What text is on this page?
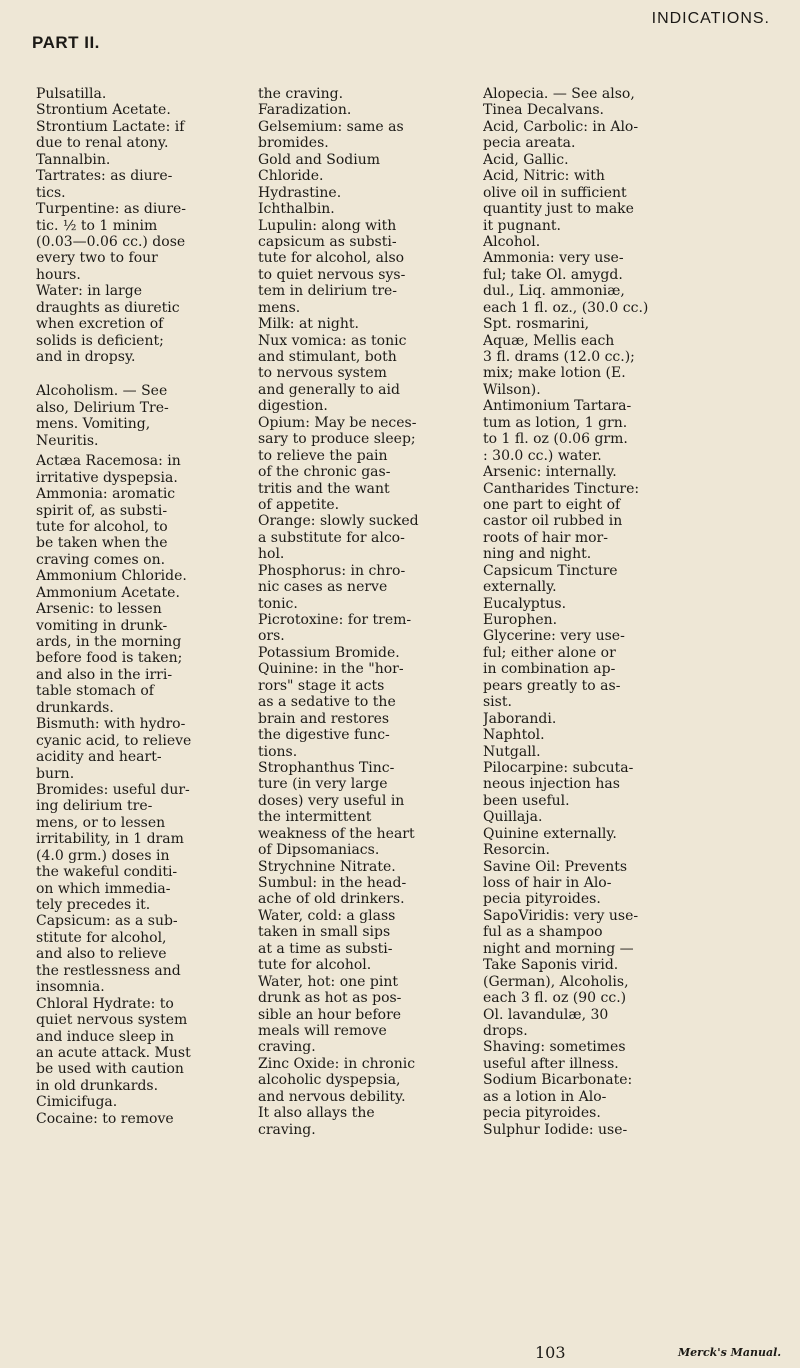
PART II.
INDICATIONS.
Pulsatilla.
Strontium Acetate.
Strontium Lactate: if
due to renal atony.
Tannalbin.
Tartrates: as diure-
tics.
Turpentine: as diure-
tic. ½ to 1 minim
(0.03—0.06 cc.) dose
every two to four
hours.
Water: in large
draughts as diuretic
when excretion of
solids is deficient;
and in dropsy.
Alcoholism. — See
also, Delirium Tre-
mens. Vomiting,
Neuritis.
Actæa Racemosa: in
irritative dyspepsia.
Ammonia: aromatic
spirit of, as substi-
tute for alcohol, to
be taken when the
craving comes on.
Ammonium Chloride.
Ammonium Acetate.
Arsenic: to lessen
vomiting in drunk-
ards, in the morning
before food is taken;
and also in the irri-
table stomach of
drunkards.
Bismuth: with hydro-
cyanic acid, to relieve
acidity and heart-
burn.
Bromides: useful dur-
ing delirium tre-
mens, or to lessen
irritability, in 1 dram
(4.0 grm.) doses in
the wakeful conditi-
on which immedia-
tely precedes it.
Capsicum: as a sub-
stitute for alcohol,
and also to relieve
the restlessness and
insomnia.
Chloral Hydrate: to
quiet nervous system
and induce sleep in
an acute attack. Must
be used with caution
in old drunkards.
Cimicifuga.
Cocaine: to remove
the craving.
Faradization.
Gelsemium: same as
bromides.
Gold and Sodium
Chloride.
Hydrastine.
Ichthalbin.
Lupulin: along with
capsicum as substi-
tute for alcohol, also
to quiet nervous sys-
tem in delirium tre-
mens.
Milk: at night.
Nux vomica: as tonic
and stimulant, both
to nervous system
and generally to aid
digestion.
Opium: May be neces-
sary to produce sleep;
to relieve the pain
of the chronic gas-
tritis and the want
of appetite.
Orange: slowly sucked
a substitute for alco-
hol.
Phosphorus: in chro-
nic cases as nerve
tonic.
Picrotoxine: for trem-
ors.
Potassium Bromide.
Quinine: in the "hor-
rors" stage it acts
as a sedative to the
brain and restores
the digestive func-
tions.
Strophanthus Tinc-
ture (in very large
doses) very useful in
the intermittent
weakness of the heart
of Dipsomaniacs.
Strychnine Nitrate.
Sumbul: in the head-
ache of old drinkers.
Water, cold: a glass
taken in small sips
at a time as substi-
tute for alcohol.
Water, hot: one pint
drunk as hot as pos-
sible an hour before
meals will remove
craving.
Zinc Oxide: in chronic
alcoholic dyspepsia,
and nervous debility.
It also allays the
craving.
Alopecia. — See also,
Tinea Decalvans.
Acid, Carbolic: in Alo-
pecia areata.
Acid, Gallic.
Acid, Nitric: with
olive oil in sufficient
quantity just to make
it pugnant.
Alcohol.
Ammonia: very use-
ful; take Ol. amygd.
dul., Liq. ammoniæ,
each 1 fl. oz., (30.0 cc.)
Spt. rosmarini,
Aquæ, Mellis each
3 fl. drams (12.0 cc.);
mix; make lotion (E.
Wilson).
Antimonium Tartara-
tum as lotion, 1 grn.
to 1 fl. oz (0.06 grm.
: 30.0 cc.) water.
Arsenic: internally.
Cantharides Tincture:
one part to eight of
castor oil rubbed in
roots of hair mor-
ning and night.
Capsicum Tincture
externally.
Eucalyptus.
Europhen.
Glycerine: very use-
ful; either alone or
in combination ap-
pears greatly to as-
sist.
Jaborandi.
Naphtol.
Nutgall.
Pilocarpine: subcuta-
neous injection has
been useful.
Quillaja.
Quinine externally.
Resorcin.
Savine Oil: Prevents
loss of hair in Alo-
pecia pityroides.
SapoViridis: very use-
ful as a shampoo
night and morning —
Take Saponis virid.
(German), Alcoholis,
each 3 fl. oz (90 cc.)
Ol. lavandulæ, 30
drops.
Shaving: sometimes
useful after illness.
Sodium Bicarbonate:
as a lotion in Alo-
pecia pityroides.
Sulphur Iodide: use-
103	Merck's Manual.
